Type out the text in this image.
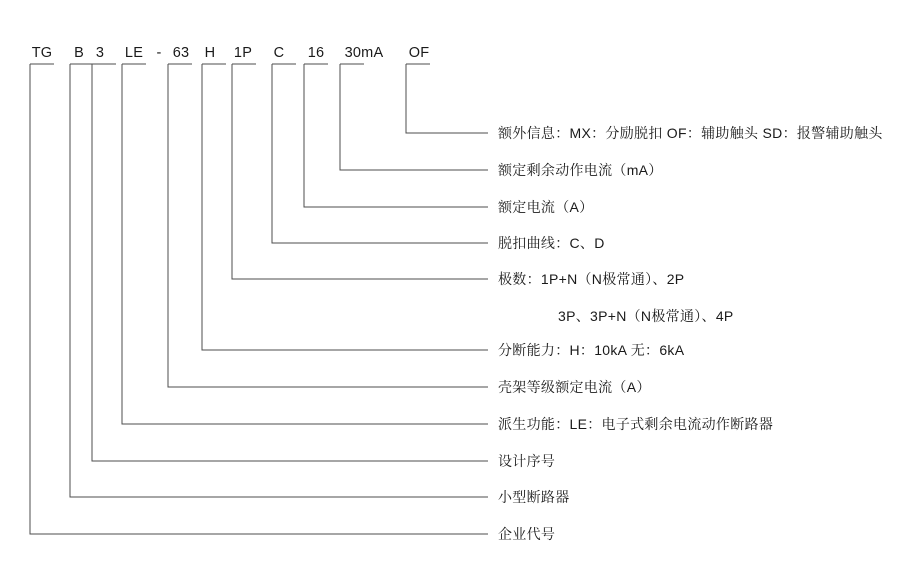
TG B 3 LE - 63 H 1P C 16 30mA OF
额外信息：MX：分励脱扣 OF：辅助触头 SD：报警辅助触头
额定剩余动作电流（mA）
额定电流（A）
脱扣曲线：C、D
极数：1P+N（N极常通）、2P
分断能力：H：10kA 无：6kA
壳架等级额定电流（A）
派生功能：LE：电子式剩余电流动作断路器
设计序号
小型断路器
企业代号
3P、3P+N（N极常通）、4P
